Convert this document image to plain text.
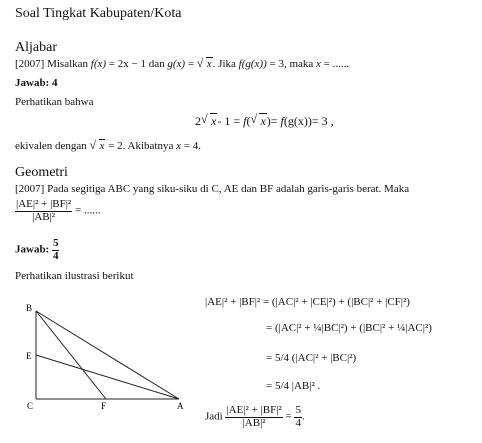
Soal Tingkat Kabupaten/Kota
Aljabar
[2007] Misalkan f(x) = 2x − 1 dan g(x) = √ x. Jika f(g(x)) = 3, maka x = ......
Jawab: 4
Perhatikan bahwa
2 √ x- 1 = f( √ x)= f(g(x))= 3 ,
ekivalen dengan √ x = 2. Akibatnya x = 4.
Geometri
[2007] Pada segitiga ABC yang siku-siku di C, AE dan BF adalah garis-garis berat. Maka
$\frac{\text{|AE|² + |BF|²}}{\text{|AB|²}}$ = ......
Jawab: $\frac{5}{4}$
Perhatikan ilustrasi berikut
B
E
C	F	A
|AE|² + |BF|² = (|AC|² + |CE|²) + (|BC|² + |CF|²)
= (|AC|² + ¼|BC|²) + (|BC|² + ¼|AC|²)
= 5/4 (|AC|² + |BC|²)
= 5/4 |AB|² .
Jadi $\frac{\text{|AE|² + |BF|²}}{\text{|AB|²}} = \frac{5}{4}$ .
